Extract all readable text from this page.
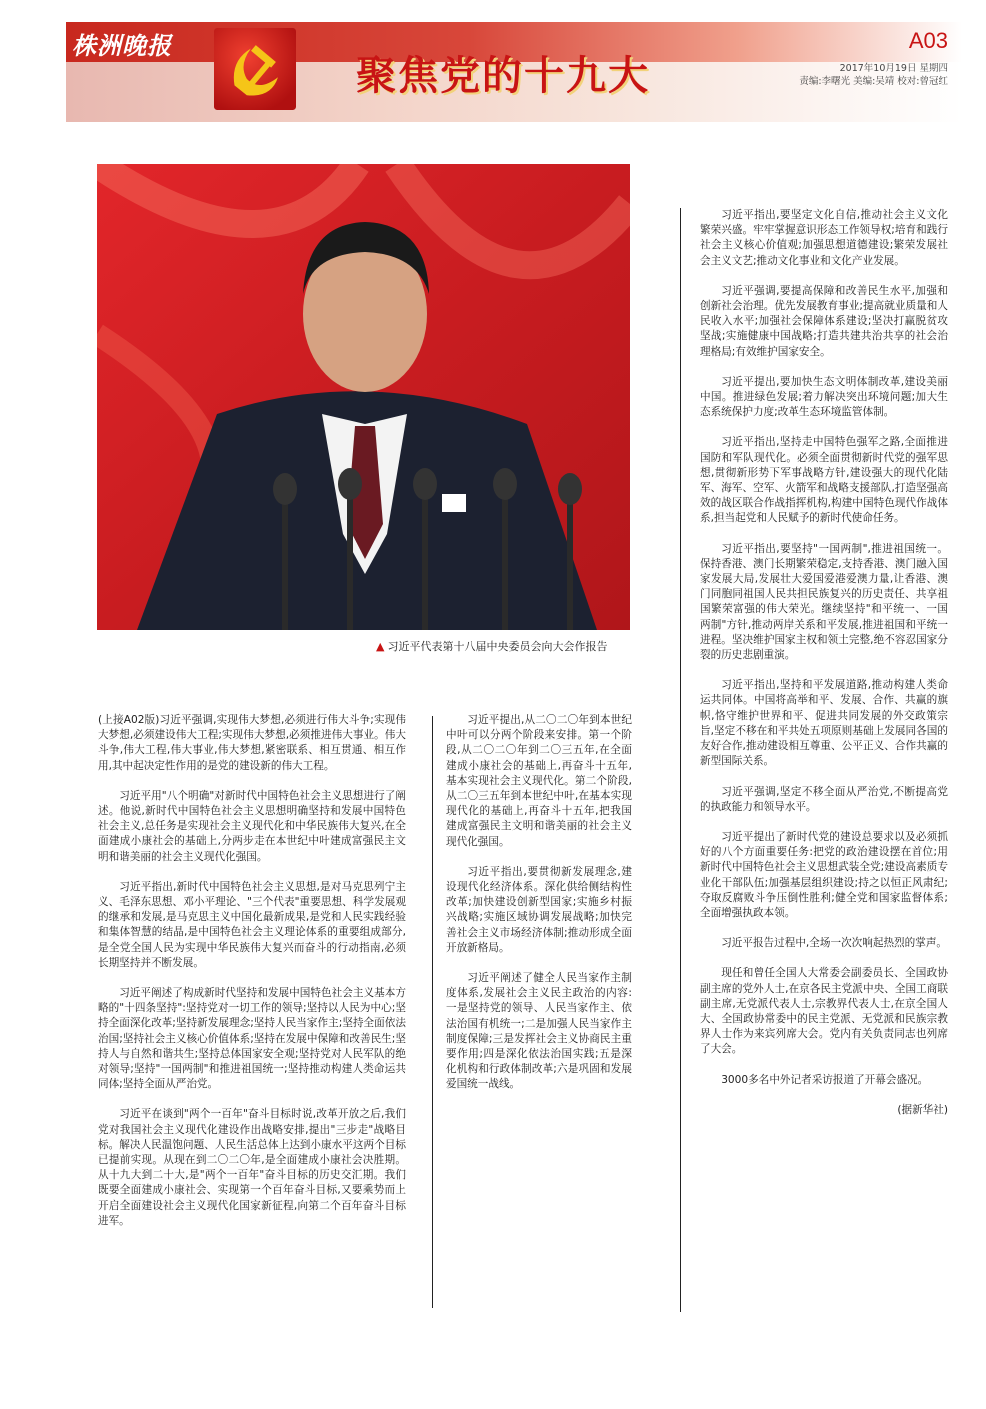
株洲晚报
聚焦党的十九大
A03
2017年10月19日 星期四
责编:李曙光 美编:吴靖 校对:曾冠红
▲ 习近平代表第十八届中央委员会向大会作报告

(上接A02版)习近平强调,实现伟大梦想,必须进行伟大斗争;实现伟大梦想,必须建设伟大工程;实现伟大梦想,必须推进伟大事业。伟大斗争,伟大工程,伟大事业,伟大梦想,紧密联系、相互贯通、相互作用,其中起决定性作用的是党的建设新的伟大工程。

习近平用"八个明确"对新时代中国特色社会主义思想进行了阐述。他说,新时代中国特色社会主义思想明确坚持和发展中国特色社会主义,总任务是实现社会主义现代化和中华民族伟大复兴,在全面建成小康社会的基础上,分两步走在本世纪中叶建成富强民主文明和谐美丽的社会主义现代化强国。

习近平指出,新时代中国特色社会主义思想,是对马克思列宁主义、毛泽东思想、邓小平理论、"三个代表"重要思想、科学发展观的继承和发展,是马克思主义中国化最新成果,是党和人民实践经验和集体智慧的结晶,是中国特色社会主义理论体系的重要组成部分,是全党全国人民为实现中华民族伟大复兴而奋斗的行动指南,必须长期坚持并不断发展。

习近平阐述了构成新时代坚持和发展中国特色社会主义基本方略的"十四条坚持":坚持党对一切工作的领导;坚持以人民为中心;坚持全面深化改革;坚持新发展理念;坚持人民当家作主;坚持全面依法治国;坚持社会主义核心价值体系;坚持在发展中保障和改善民生;坚持人与自然和谐共生;坚持总体国家安全观;坚持党对人民军队的绝对领导;坚持"一国两制"和推进祖国统一;坚持推动构建人类命运共同体;坚持全面从严治党。

习近平在谈到"两个一百年"奋斗目标时说,改革开放之后,我们党对我国社会主义现代化建设作出战略安排,提出"三步走"战略目标。解决人民温饱问题、人民生活总体上达到小康水平这两个目标已提前实现。从现在到二〇二〇年,是全面建成小康社会决胜期。从十九大到二十大,是"两个一百年"奋斗目标的历史交汇期。我们既要全面建成小康社会、实现第一个百年奋斗目标,又要乘势而上开启全面建设社会主义现代化国家新征程,向第二个百年奋斗目标进军。

习近平提出,从二〇二〇年到本世纪中叶可以分两个阶段来安排。第一个阶段,从二〇二〇年到二〇三五年,在全面建成小康社会的基础上,再奋斗十五年,基本实现社会主义现代化。第二个阶段,从二〇三五年到本世纪中叶,在基本实现现代化的基础上,再奋斗十五年,把我国建成富强民主文明和谐美丽的社会主义现代化强国。

习近平指出,要贯彻新发展理念,建设现代化经济体系。深化供给侧结构性改革;加快建设创新型国家;实施乡村振兴战略;实施区域协调发展战略;加快完善社会主义市场经济体制;推动形成全面开放新格局。

习近平阐述了健全人民当家作主制度体系,发展社会主义民主政治的内容:一是坚持党的领导、人民当家作主、依法治国有机统一;二是加强人民当家作主制度保障;三是发挥社会主义协商民主重要作用;四是深化依法治国实践;五是深化机构和行政体制改革;六是巩固和发展爱国统一战线。

习近平指出,要坚定文化自信,推动社会主义文化繁荣兴盛。牢牢掌握意识形态工作领导权;培育和践行社会主义核心价值观;加强思想道德建设;繁荣发展社会主义文艺;推动文化事业和文化产业发展。

习近平强调,要提高保障和改善民生水平,加强和创新社会治理。优先发展教育事业;提高就业质量和人民收入水平;加强社会保障体系建设;坚决打赢脱贫攻坚战;实施健康中国战略;打造共建共治共享的社会治理格局;有效维护国家安全。

习近平提出,要加快生态文明体制改革,建设美丽中国。推进绿色发展;着力解决突出环境问题;加大生态系统保护力度;改革生态环境监管体制。

习近平指出,坚持走中国特色强军之路,全面推进国防和军队现代化。必须全面贯彻新时代党的强军思想,贯彻新形势下军事战略方针,建设强大的现代化陆军、海军、空军、火箭军和战略支援部队,打造坚强高效的战区联合作战指挥机构,构建中国特色现代作战体系,担当起党和人民赋予的新时代使命任务。

习近平指出,要坚持"一国两制",推进祖国统一。保持香港、澳门长期繁荣稳定,支持香港、澳门融入国家发展大局,发展壮大爱国爱港爱澳力量,让香港、澳门同胞同祖国人民共担民族复兴的历史责任、共享祖国繁荣富强的伟大荣光。继续坚持"和平统一、一国两制"方针,推动两岸关系和平发展,推进祖国和平统一进程。坚决维护国家主权和领土完整,绝不容忍国家分裂的历史悲剧重演。

习近平指出,坚持和平发展道路,推动构建人类命运共同体。中国将高举和平、发展、合作、共赢的旗帜,恪守维护世界和平、促进共同发展的外交政策宗旨,坚定不移在和平共处五项原则基础上发展同各国的友好合作,推动建设相互尊重、公平正义、合作共赢的新型国际关系。

习近平强调,坚定不移全面从严治党,不断提高党的执政能力和领导水平。

习近平提出了新时代党的建设总要求以及必须抓好的八个方面重要任务:把党的政治建设摆在首位;用新时代中国特色社会主义思想武装全党;建设高素质专业化干部队伍;加强基层组织建设;持之以恒正风肃纪;夺取反腐败斗争压倒性胜利;健全党和国家监督体系;全面增强执政本领。

习近平报告过程中,全场一次次响起热烈的掌声。

现任和曾任全国人大常委会副委员长、全国政协副主席的党外人士,在京各民主党派中央、全国工商联副主席,无党派代表人士,宗教界代表人士,在京全国人大、全国政协常委中的民主党派、无党派和民族宗教界人士作为来宾列席大会。党内有关负责同志也列席了大会。

3000多名中外记者采访报道了开幕会盛况。

(据新华社)
